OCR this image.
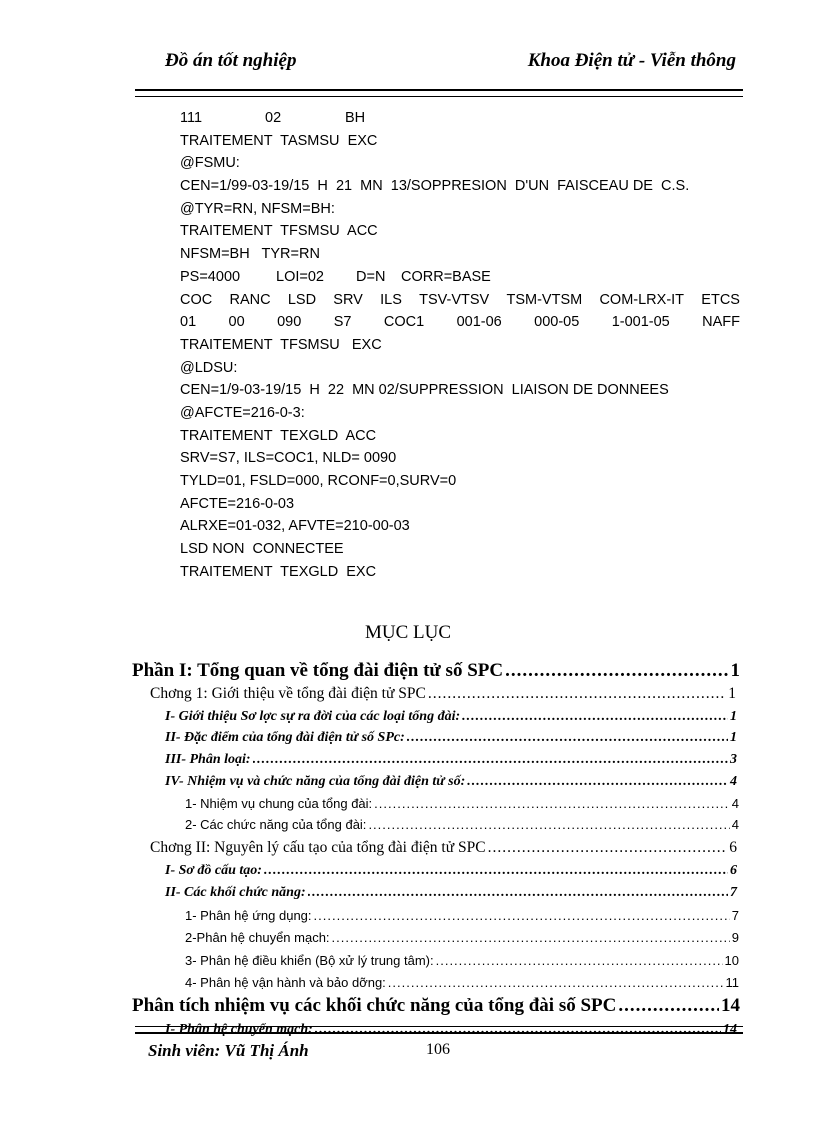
Đồ án tốt nghiệp	Khoa Điện tử - Viễn thông
111	02	BH
TRAITEMENT  TASMSU  EXC
@FSMU:
CEN=1/99-03-19/15  H  21  MN  13/SOPPRESION  D'UN  FAISCEAU DE  C.S.
@TYR=RN, NFSM=BH:
TRAITEMENT  TFSMSU  ACC
NFSM=BH   TYR=RN
PS=4000 LOI=02 D=N CORR=BASE
COC RANC LSD SRV ILS TSV-VTSV TSM-VTSM COM-LRX-IT ETCS
01 00 090 S7 COC1 001-06 000-05 1-001-05 NAFF
TRAITEMENT  TFSMSU   EXC
@LDSU:
CEN=1/9-03-19/15  H  22  MN 02/SUPPRESSION  LIAISON DE DONNEES
@AFCTE=216-0-3:
TRAITEMENT  TEXGLD  ACC
SRV=S7, ILS=COC1, NLD= 0090
TYLD=01, FSLD=000, RCONF=0,SURV=0
AFCTE=216-0-03
ALRXE=01-032, AFVTE=210-00-03
LSD NON  CONNECTEE
TRAITEMENT  TEXGLD  EXC
MỤC LỤC
Phần I: Tổng quan về tổng đài điện tử số SPC .....	1
Chơng 1: Giới thiệu về tổng đài điện tử SPC .....	1
I- Giới thiệu Sơ lợc sự ra đời của các loại tổng đài: .....	1
II- Đặc điểm của tổng đài điện tử số SPc: .....	1
III- Phân loại: .....	3
IV- Nhiệm vụ và chức năng của tổng đài điện tử số: .....	4
1- Nhiệm vụ chung của tổng đài: .....	4
2- Các chức năng của tổng đài: .....	4
Chơng II: Nguyên lý cấu tạo của tổng đài điện tử SPC .....	6
I- Sơ đồ cấu tạo: .....	6
II- Các khối chức năng: .....	7
1- Phân hệ ứng dụng: .....	7
2-Phân hệ chuyển mạch: .....	9
3- Phân hệ điều khiển (Bộ xử lý trung tâm): .....	10
4- Phân hệ vận hành và bảo dỡng: .....	11
Phân tích nhiệm vụ các khối chức năng của tổng đài số SPC .....	14
I- Phân hệ chuyển mạch: .....	14
Sinh viên: Vũ Thị Ánh	106
